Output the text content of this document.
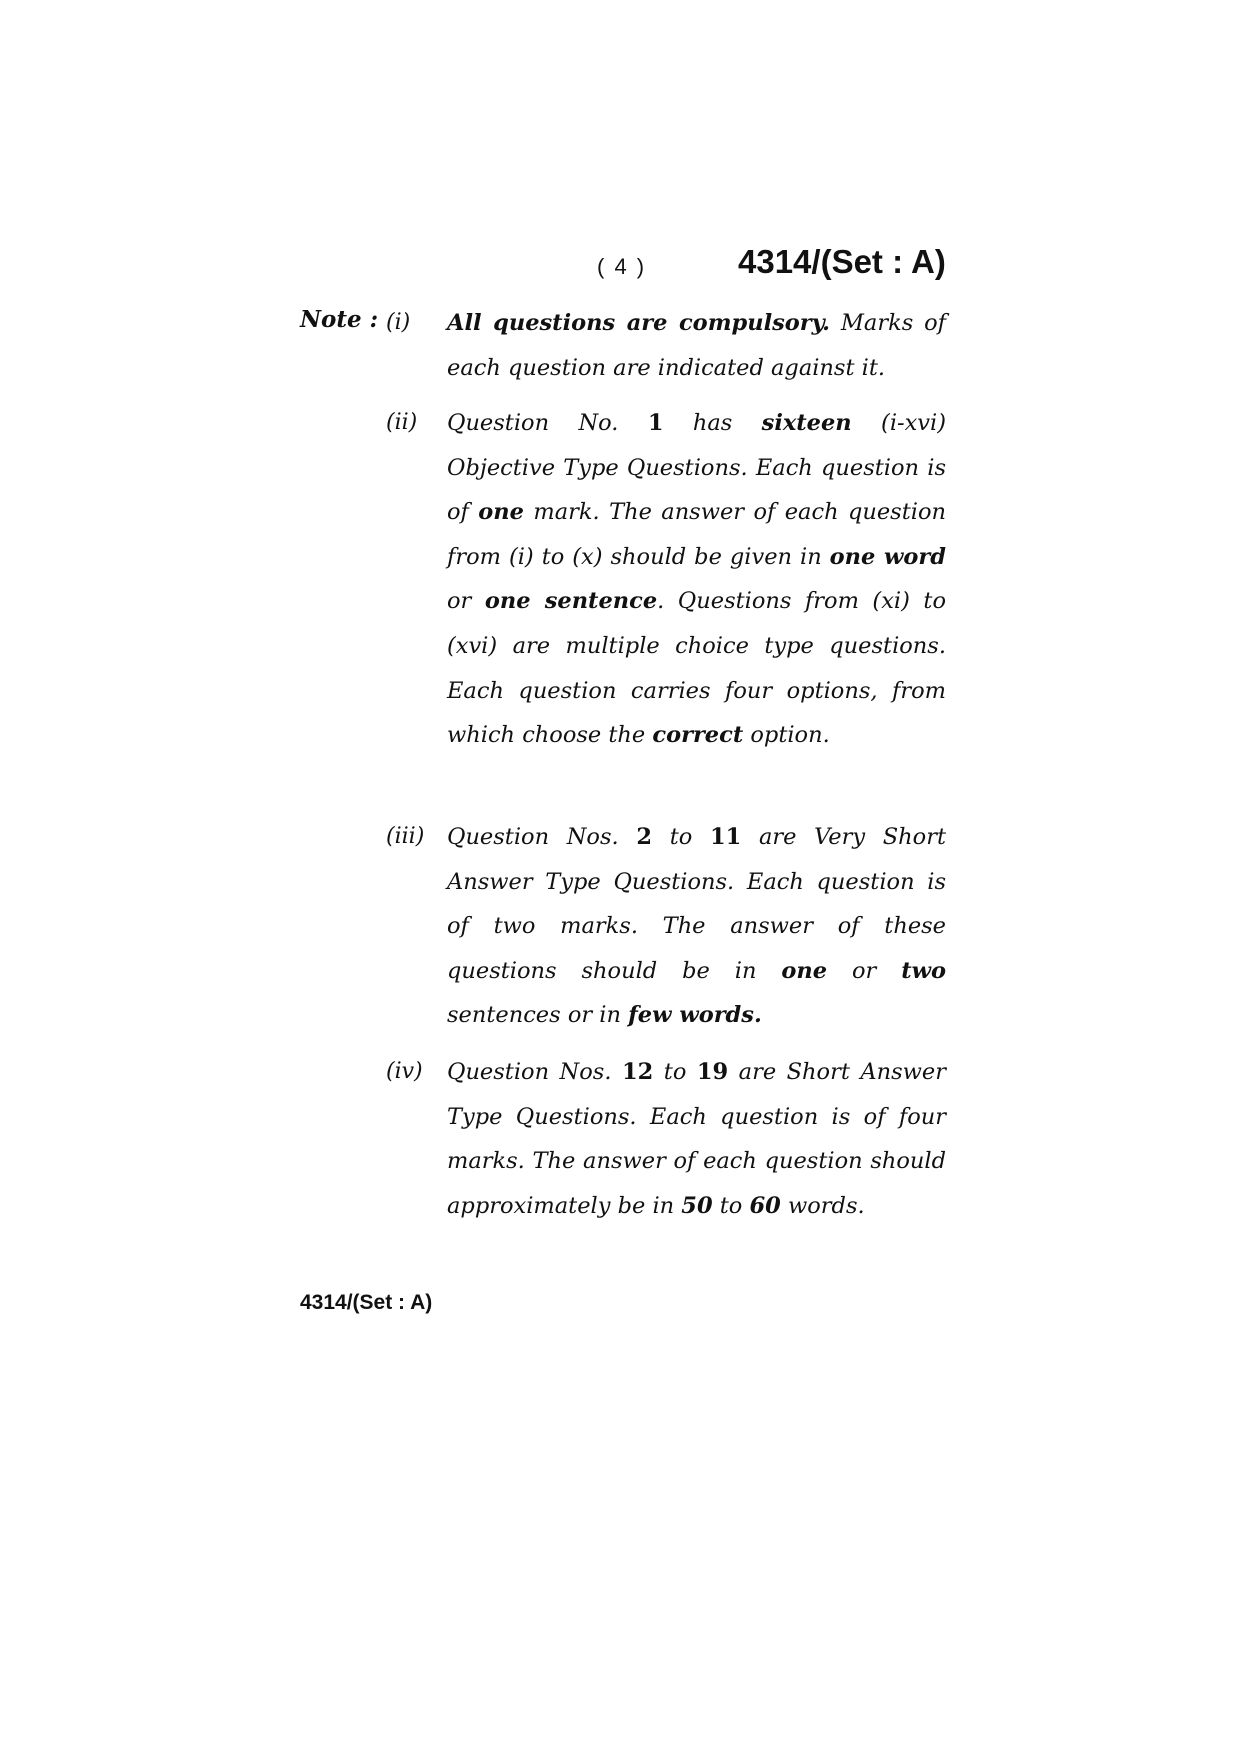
( 4 )	4314/(Set : A)
Note : (i)	All questions are compulsory. Marks of each question are indicated against it.
(ii)	Question No. 1 has sixteen (i-xvi) Objective Type Questions. Each question is of one mark. The answer of each question from (i) to (x) should be given in one word or one sentence. Questions from (xi) to (xvi) are multiple choice type questions. Each question carries four options, from which choose the correct option.
(iii)	Question Nos. 2 to 11 are Very Short Answer Type Questions. Each question is of two marks. The answer of these questions should be in one or two sentences or in few words.
(iv)	Question Nos. 12 to 19 are Short Answer Type Questions. Each question is of four marks. The answer of each question should approximately be in 50 to 60 words.
4314/(Set : A)
